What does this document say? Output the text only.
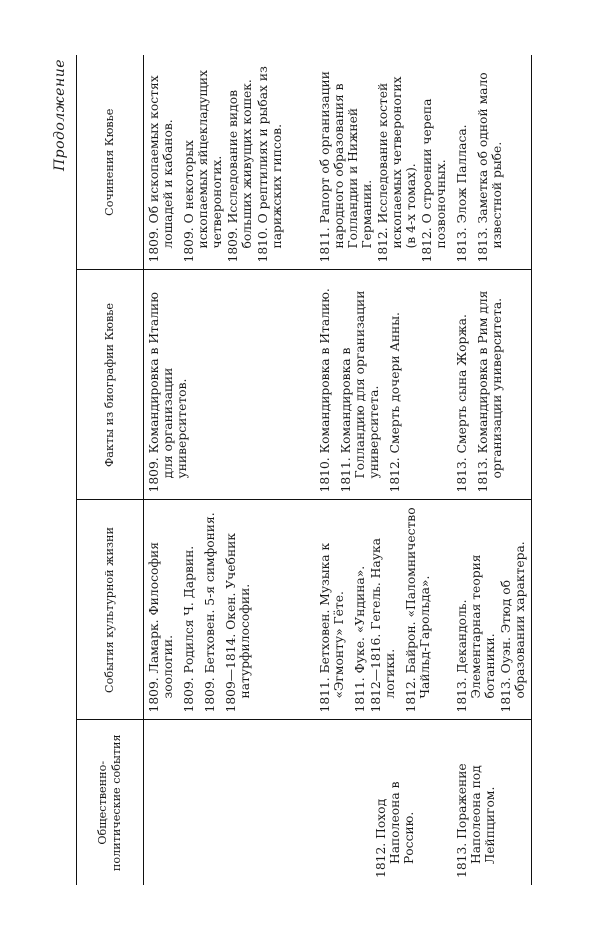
Продолжение
Общественно-политические события	События культурной жизни	Факты из биографии Кювье	Сочинения Кювье

	1809. Ламарк. Философия зоологии. 1809. Родился Ч. Дарвин. 1809. Бетховен. 5-я симфония. 1809—1814. Окен. Учебник натурфилософии.	1809. Командировка в Италию для организации университетов.	1809. Об ископаемых костях лошадей и кабанов. 1809. О некоторых ископаемых яйцекладущих четвероногих. 1809. Исследование видов больших живущих кошек. 1810. О рептилиях и рыбах из парижских гипсов.

1812. Поход Наполеона в Россию.	1811. Бетховен. Музыка к «Эгмонту» Гёте. 1811. Фуке. «Ундина». 1812—1816. Гегель. Наука логики. 1812. Байрон. «Паломничество Чайльд-Гарольда».	1810. Командировка в Италию. 1811. Командировка в Голландию для организации университета. 1812. Смерть дочери Анны.	1811. Рапорт об организации народного образования в Голландии и Нижней Германии. 1812. Исследование костей ископаемых четвероногих (в 4-х томах). 1812. О строении черепа позвоночных.

1813. Поражение Наполеона под Лейпцигом.	1813. Декандоль. Элементарная теория ботаники. 1813. Оуэн. Этюд об образовании характера.	1813. Смерть сына Жоржа. 1813. Командировка в Рим для организации университета.	1813. Элож Палласа. 1813. Заметка об одной мало известной рыбе.
